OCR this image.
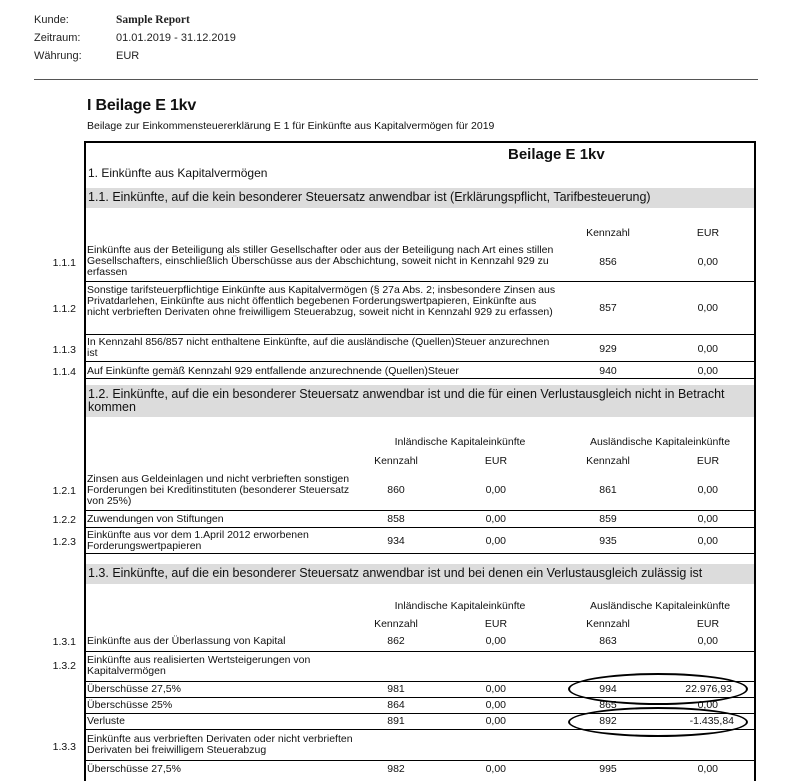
Kunde:	Sample Report
Zeitraum:	01.01.2019 - 31.12.2019
Währung:	EUR
I Beilage E 1kv
Beilage zur Einkommensteuererklärung E 1 für Einkünfte aus Kapitalvermögen für 2019
Beilage E 1kv
1. Einkünfte aus Kapitalvermögen
1.1. Einkünfte, auf die kein besonderer Steuersatz anwendbar ist (Erklärungspflicht, Tarifbesteuerung)
Kennzahl	EUR
1.1.1
Einkünfte aus der Beteiligung als stiller Gesellschafter oder aus der Beteiligung nach Art eines stillen Gesellschafters, einschließlich Überschüsse aus der Abschichtung, soweit nicht in Kennzahl 929 zu erfassen
856	0,00
1.1.2
Sonstige tarifsteuerpflichtige Einkünfte aus Kapitalvermögen (§ 27a Abs. 2; insbesondere Zinsen aus Privatdarlehen, Einkünfte aus nicht öffentlich begebenen Forderungswertpapieren, Einkünfte aus nicht verbrieften Derivaten ohne freiwilligem Steuerabzug, soweit nicht in Kennzahl 929 zu erfassen)	857	0,00
1.1.3
In Kennzahl 856/857 nicht enthaltene Einkünfte, auf die ausländische (Quellen)Steuer anzurechnen ist	929	0,00
1.1.4 Auf Einkünfte gemäß Kennzahl 929 entfallende anzurechnende (Quellen)Steuer	940	0,00
1.2. Einkünfte, auf die ein besonderer Steuersatz anwendbar ist und die für einen Verlustausgleich nicht in Betracht kommen
Inländische Kapitaleinkünfte	Ausländische Kapitaleinkünfte
Kennzahl	EUR	Kennzahl	EUR
1.2.1
Zinsen aus Geldeinlagen und nicht verbrieften sonstigen Forderungen bei Kreditinstituten (besonderer Steuersatz von 25%)
860	0,00	861	0,00
1.2.2 Zuwendungen von Stiftungen	858	0,00	859	0,00
1.2.3
Einkünfte aus vor dem 1.April 2012 erworbenen Forderungswertpapieren	934	0,00	935	0,00
1.3. Einkünfte, auf die ein besonderer Steuersatz anwendbar ist und bei denen ein Verlustausgleich zulässig ist
Inländische Kapitaleinkünfte	Ausländische Kapitaleinkünfte
Kennzahl	EUR	Kennzahl	EUR
1.3.1 Einkünfte aus der Überlassung von Kapital	862	0,00	863	0,00
1.3.2 Einkünfte aus realisierten Wertsteigerungen von Kapitalvermögen
Überschüsse 27,5%	981	0,00	994	22.976,93
Überschüsse 25%	864	0,00	865	0,00
Verluste	891	0,00	892	-1.435,84
1.3.3
Einkünfte aus verbrieften Derivaten oder nicht verbrieften Derivaten bei freiwilligem Steuerabzug
Überschüsse 27,5%	982	0,00	995	0,00
